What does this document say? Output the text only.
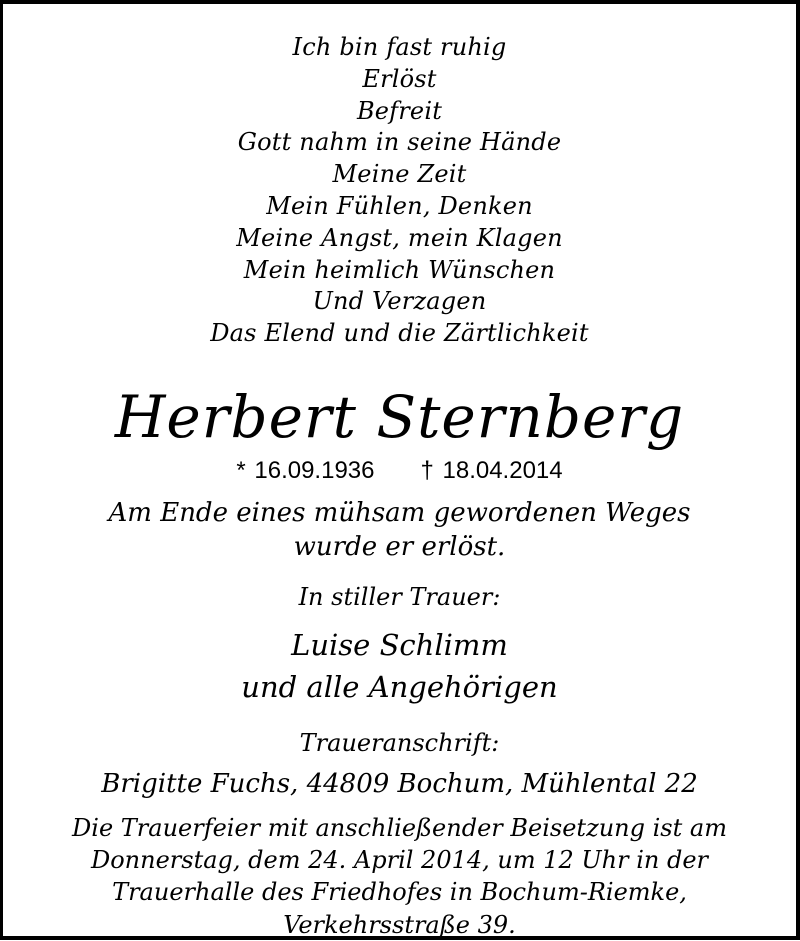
Ich bin fast ruhig
Erlöst
Befreit
Gott nahm in seine Hände
Meine Zeit
Mein Fühlen, Denken
Meine Angst, mein Klagen
Mein heimlich Wünschen
Und Verzagen
Das Elend und die Zärtlichkeit
Herbert Sternberg
* 16.09.1936 † 18.04.2014
Am Ende eines mühsam gewordenen Weges
wurde er erlöst.
In stiller Trauer:
Luise Schlimm
und alle Angehörigen
Traueranschrift:
Brigitte Fuchs, 44809 Bochum, Mühlental 22
Die Trauerfeier mit anschließender Beisetzung ist am
Donnerstag, dem 24. April 2014, um 12 Uhr in der
Trauerhalle des Friedhofes in Bochum-Riemke,
Verkehrsstraße 39.
